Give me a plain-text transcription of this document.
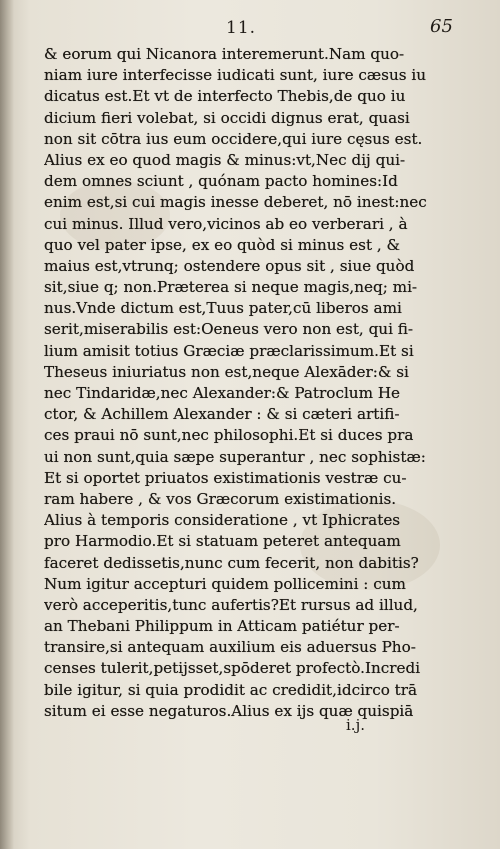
11.	65
& eorum qui Nicanora interemerunt.Nam quo-
niam iure interfecisse iudicati sunt, iure cæsus iu
dicatus est.Et vt de interfecto Thebis,de quo iu
dicium fieri volebat, si occidi dignus erat, quasi
non sit cōtra ius eum occidere,qui iure cęsus est.
Alius ex eo quod magis & minus:vt,Nec dij qui-
dem omnes sciunt , quónam pacto homines:Id
enim est,si cui magis inesse deberet, nō inest:nec
cui minus. Illud vero,vicinos ab eo verberari , à
quo vel pater ipse, ex eo quòd si minus est , &
maius est,vtrunq; ostendere opus sit , siue quòd
sit,siue q; non.Præterea si neque magis,neq; mi-
nus.Vnde dictum est,Tuus pater,cū liberos ami
serit,miserabilis est:Oeneus vero non est, qui fi-
lium amisit totius Græciæ præclarissimum.Et si
Theseus iniuriatus non est,neque Alexāder:& si
nec Tindaridæ,nec Alexander:& Patroclum He
ctor, & Achillem Alexander : & si cæteri artifi-
ces praui nō sunt,nec philosophi.Et si duces pra
ui non sunt,quia sæpe superantur , nec sophistæ:
Et si oportet priuatos existimationis vestræ cu-
ram habere , & vos Græcorum existimationis.
Alius à temporis consideratione , vt Iphicrates
pro Harmodio.Et si statuam peteret antequam
faceret dedissetis,nunc cum fecerit, non dabitis?
Num igitur accepturi quidem pollicemini : cum
verò acceperitis,tunc aufertis?Et rursus ad illud,
an Thebani Philippum in Atticam patiétur per-
transire,si antequam auxilium eis aduersus Pho-
censes tulerit,petijsset,spōderet profectò.Incredi
bile igitur, si quia prodidit ac credidit,idcirco trā
situm ei esse negaturos.Alius ex ijs quæ quispiā
i.j.
